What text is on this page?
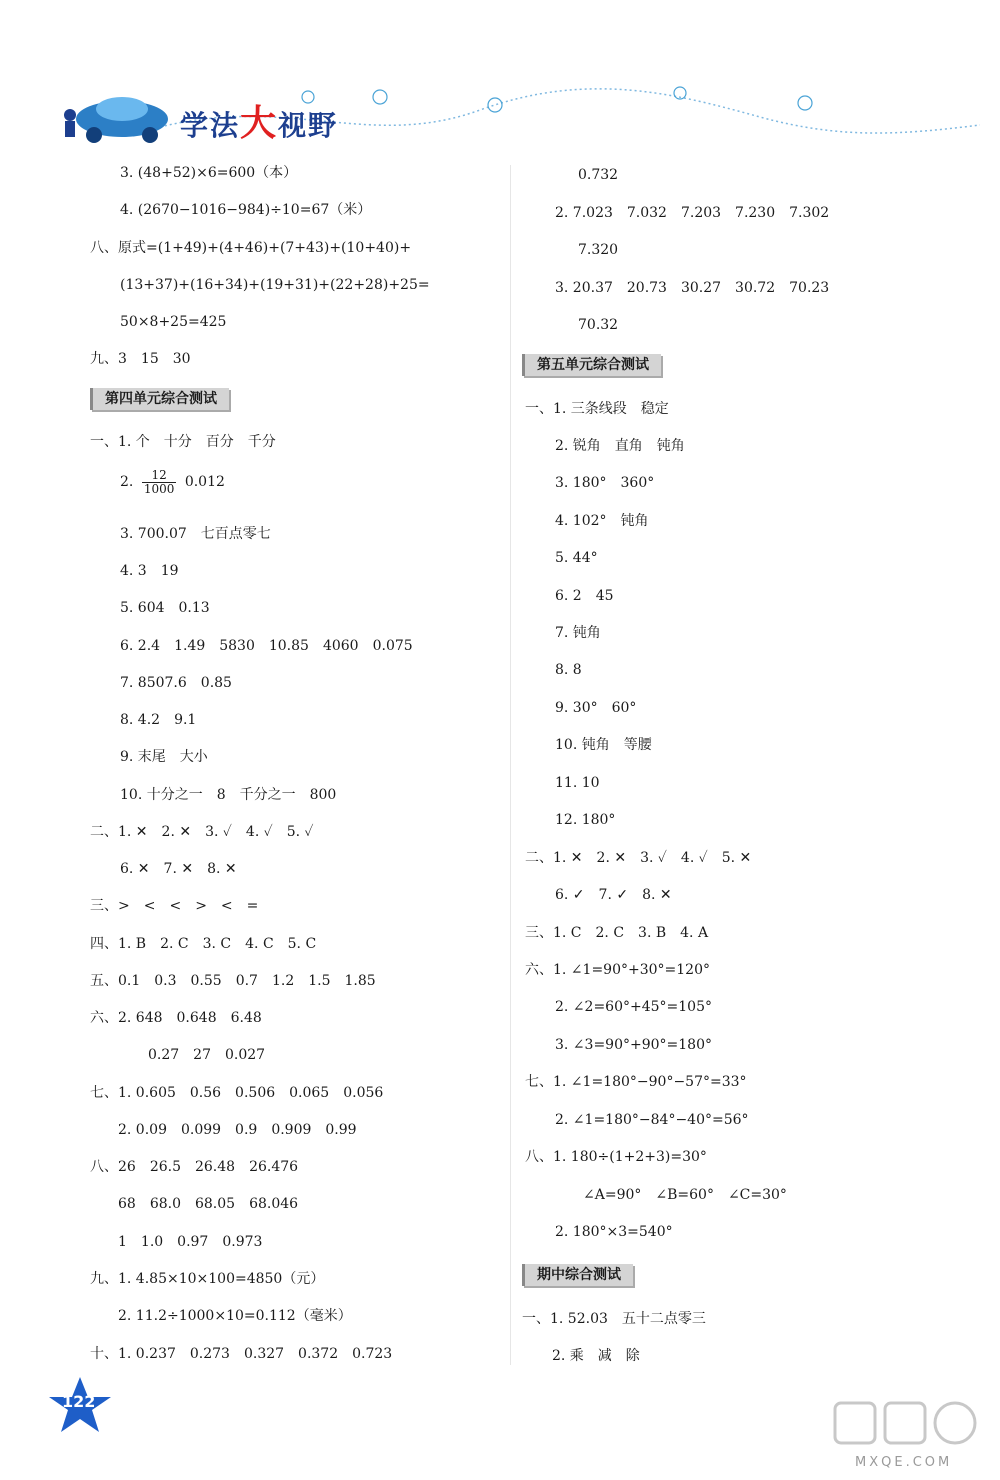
学法大视野
3. (48+52)×6=600（本）
4. (2670−1016−984)÷10=67（米）
八、原式=(1+49)+(4+46)+(7+43)+(10+40)+
(13+37)+(16+34)+(19+31)+(22+28)+25=
50×8+25=425
九、3　15　30
第四单元综合测试
一、1. 个　十分　百分　千分
2. $\frac{12}{1000} 0.012$
3. 700.07　七百点零七
4. 3　19
5. 604　0.13
6. 2.4　1.49　5830　10.85　4060　0.075
7. 8507.6　0.85
8. 4.2　9.1
9. 末尾　大小
10. 十分之一　8　千分之一　800
二、1. ✕　2. ✕　3. ✓　4. ✓　5. ✓
6. ✕　7. ✕　8. ✕
三、>　<　<　>　<　=
四、1. B　2. C　3. C　4. C　5. C
五、0.1　0.3　0.55　0.7　1.2　1.5　1.85
六、2. 648　0.648　6.48
0.27　27　0.027
七、1. 0.605　0.56　0.506　0.065　0.056
2. 0.09　0.099　0.9　0.909　0.99
八、26　26.5　26.48　26.476
68　68.0　68.05　68.046
1　1.0　0.97　0.973
九、1. 4.85×10×100=4850（元）
2. 11.2÷1000×10=0.112（毫米）
十、1. 0.237　0.273　0.327　0.372　0.723
0.732
2. 7.023　7.032　7.203　7.230　7.302
7.320
3. 20.37　20.73　30.27　30.72　70.23
70.32
第五单元综合测试
一、1. 三条线段　稳定
2. 锐角　直角　钝角
3. 180°　360°
4. 102°　钝角
5. 44°
6. 2　45
7. 钝角
8. 8
9. 30°　60°
10. 钝角　等腰
11. 10
12. 180°
二、1. ✕　2. ✕　3. ✓　4. ✓　5. ✕
6. ✓　7. ✓　8. ✕
三、1. C　2. C　3. B　4. A
六、1. ∠1=90°+30°=120°
2. ∠2=60°+45°=105°
3. ∠3=90°+90°=180°
七、1. ∠1=180°−90°−57°=33°
2. ∠1=180°−84°−40°=56°
八、1. 180÷(1+2+3)=30°
∠A=90°　∠B=60°　∠C=30°
2. 180°×3=540°
期中综合测试
一、1. 52.03　五十二点零三
2. 乘　减　除
122
MXQE.COM
